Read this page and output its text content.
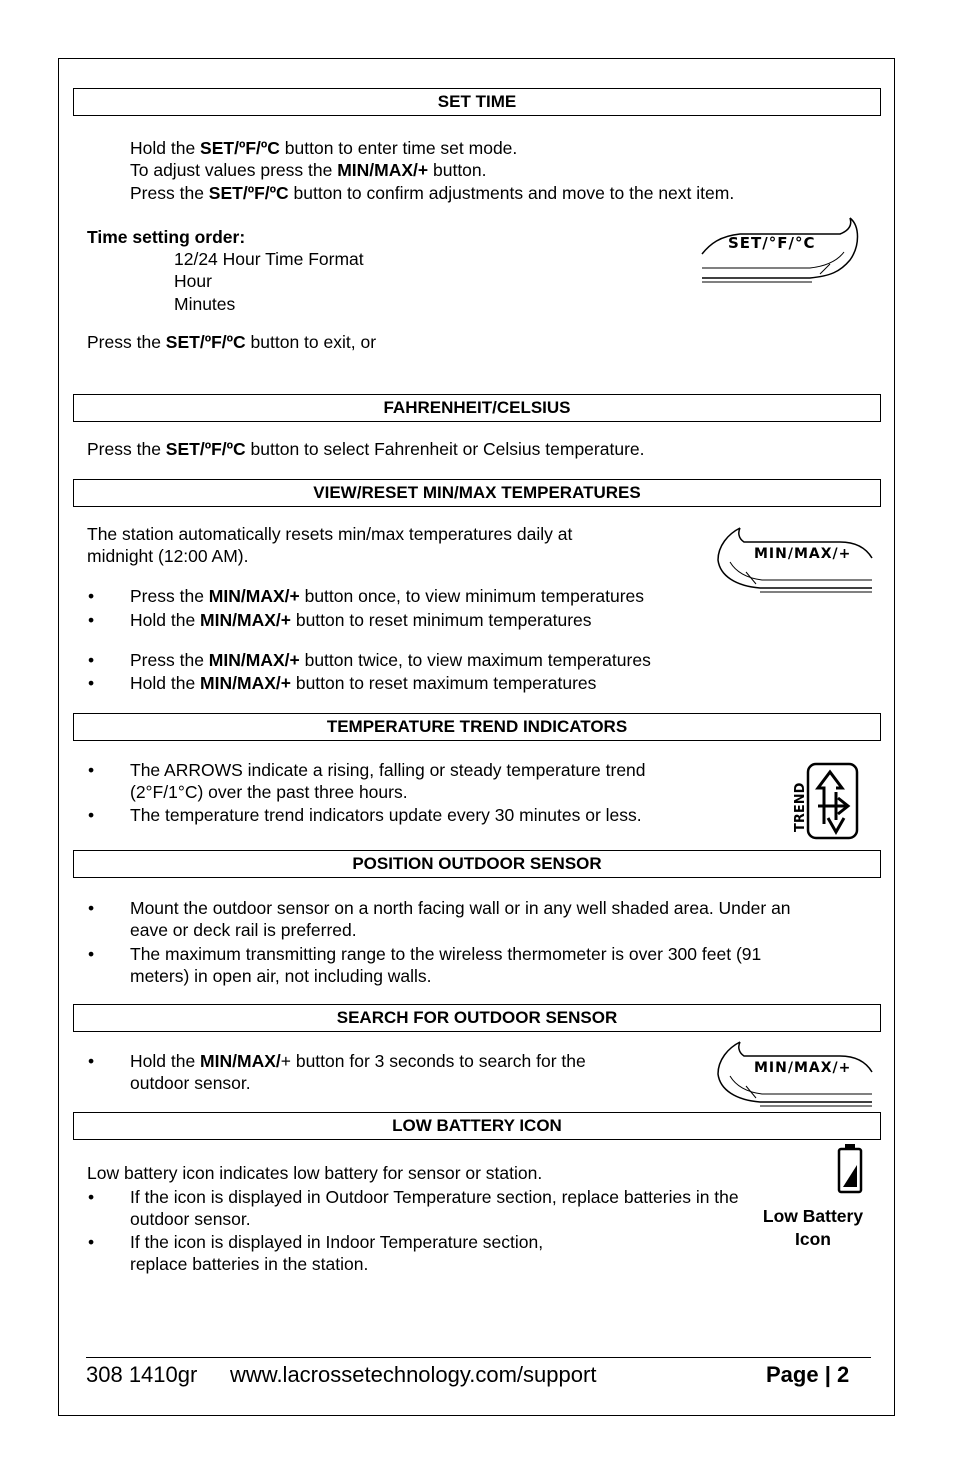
SET TIME
Hold the SET/ºF/ºC button to enter time set mode.
To adjust values press the MIN/MAX/+ button.
Press the SET/ºF/ºC button to confirm adjustments and move to the next item.
Time setting order:
12/24 Hour Time Format
Hour
Minutes
Press the SET/ºF/ºC button to exit, or
SET/°F/°C
FAHRENHEIT/CELSIUS
Press the SET/ºF/ºC button to select Fahrenheit or Celsius temperature.
VIEW/RESET MIN/MAX TEMPERATURES
The station automatically resets min/max temperatures daily at
midnight (12:00 AM).
Press the MIN/MAX/+ button once, to view minimum temperatures
Hold the MIN/MAX/+ button to reset minimum temperatures
Press the MIN/MAX/+ button twice, to view maximum temperatures
Hold the MIN/MAX/+ button to reset maximum temperatures
MIN/MAX/+
TEMPERATURE TREND INDICATORS
The ARROWS indicate a rising, falling or steady temperature trend
(2°F/1°C) over the past three hours.
The temperature trend indicators update every 30 minutes or less.	TREND
POSITION OUTDOOR SENSOR
Mount the outdoor sensor on a north facing wall or in any well shaded area. Under an
eave or deck rail is preferred.
The maximum transmitting range to the wireless thermometer is over 300 feet (91
meters) in open air, not including walls.
SEARCH FOR OUTDOOR SENSOR
Hold the MIN/MAX/+ button for 3 seconds to search for the
outdoor sensor.
MIN/MAX/+
LOW BATTERY ICON
Low battery icon indicates low battery for sensor or station.
If the icon is displayed in Outdoor Temperature section, replace batteries in the
outdoor sensor.
If the icon is displayed in Indoor Temperature section,
replace batteries in the station.
Low Battery
Icon
308 1410gr www.lacrossetechnology.com/support	Page | 2
